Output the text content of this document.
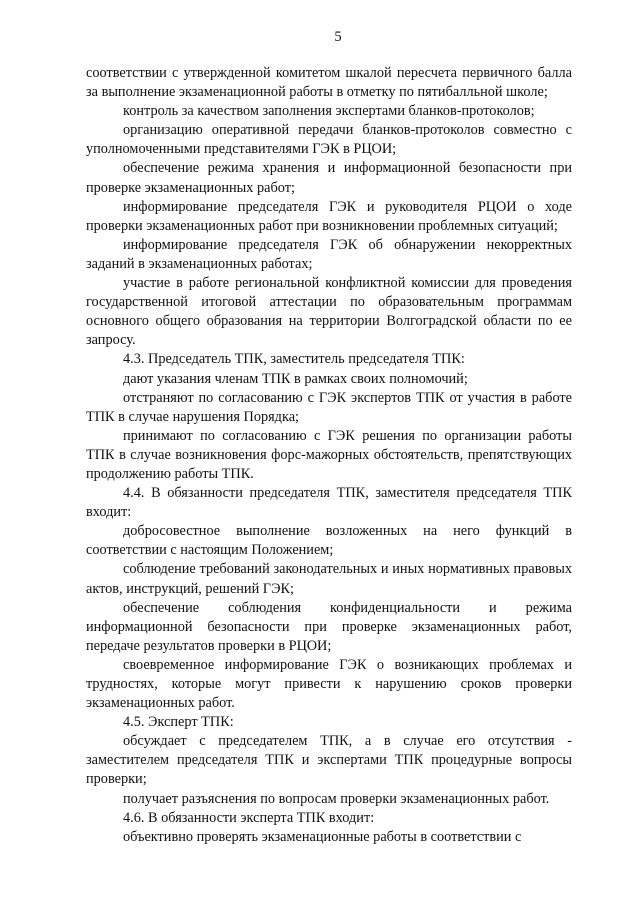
5

соответствии с утвержденной комитетом шкалой пересчета первичного балла за выполнение экзаменационной работы в отметку по пятибалльной школе;

контроль за качеством заполнения экспертами бланков-протоколов;

организацию оперативной передачи бланков-протоколов совместно с уполномоченными представителями ГЭК в РЦОИ;

обеспечение режима хранения и информационной безопасности при проверке экзаменационных работ;

информирование председателя ГЭК и руководителя РЦОИ о ходе проверки экзаменационных работ при возникновении проблемных ситуаций;

информирование председателя ГЭК об обнаружении некорректных заданий в экзаменационных работах;

участие в работе региональной конфликтной комиссии для проведения государственной итоговой аттестации по образовательным программам основного общего образования на территории Волгоградской области по ее запросу.

4.3. Председатель ТПК, заместитель председателя ТПК:

дают указания членам ТПК в рамках своих полномочий;

отстраняют по согласованию с ГЭК экспертов ТПК от участия в работе ТПК в случае нарушения Порядка;

принимают по согласованию с ГЭК решения по организации работы ТПК в случае возникновения форс-мажорных обстоятельств, препятствующих продолжению работы ТПК.

4.4. В обязанности председателя ТПК, заместителя председателя ТПК входит:

добросовестное выполнение возложенных на него функций в соответствии с настоящим Положением;

соблюдение требований законодательных и иных нормативных правовых актов, инструкций, решений ГЭК;

обеспечение соблюдения конфиденциальности и режима информационной безопасности при проверке экзаменационных работ, передаче результатов проверки в РЦОИ;

своевременное информирование ГЭК о возникающих проблемах и трудностях, которые могут привести к нарушению сроков проверки экзаменационных работ.

4.5. Эксперт ТПК:

обсуждает с председателем ТПК, а в случае его отсутствия - заместителем председателя ТПК и экспертами ТПК процедурные вопросы проверки;

получает разъяснения по вопросам проверки экзаменационных работ.

4.6. В обязанности эксперта ТПК входит:

объективно проверять экзаменационные работы в соответствии с
